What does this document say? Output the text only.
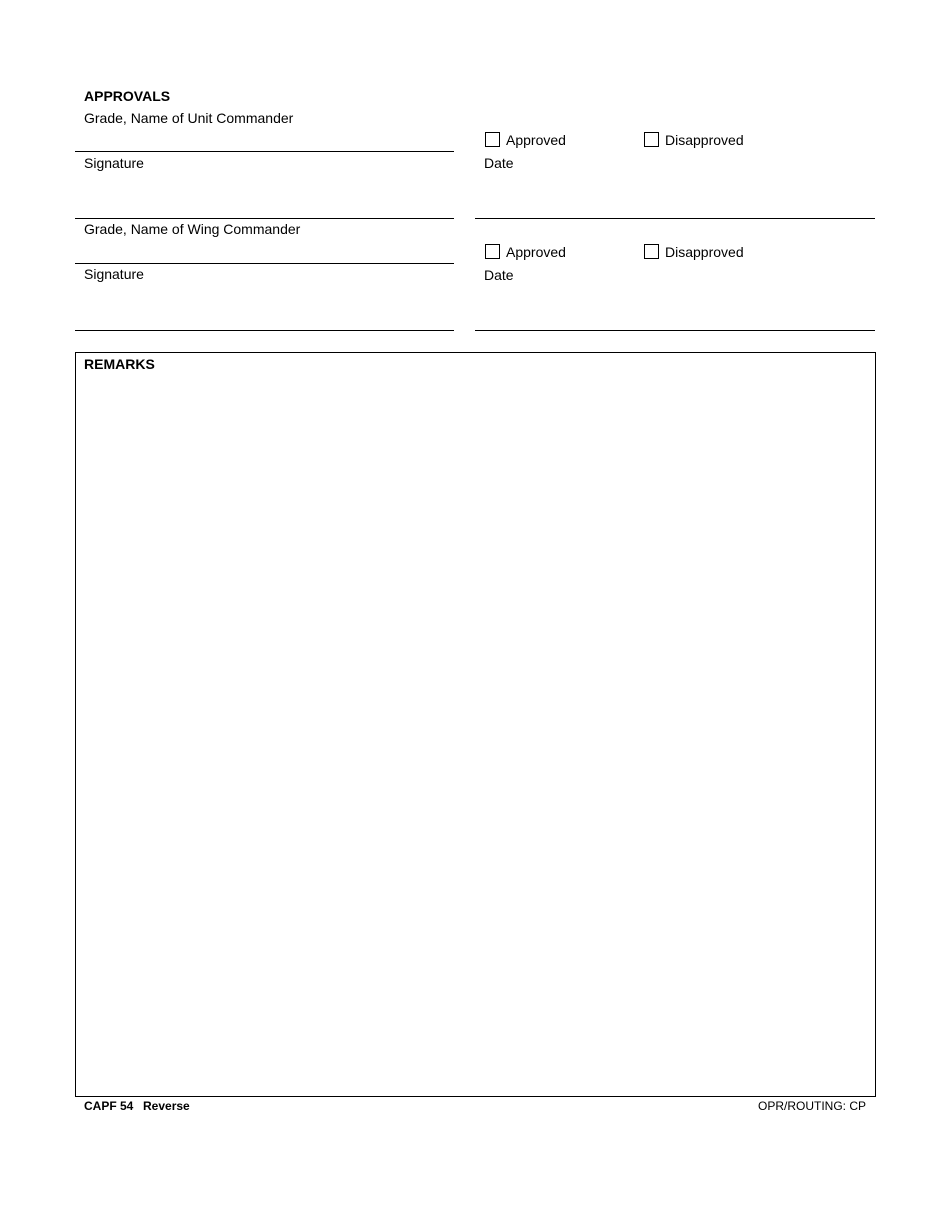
APPROVALS
Grade, Name of Unit Commander
Approved	Disapproved
Signature	Date
Grade, Name of Wing Commander
Approved	Disapproved
Signature	Date
REMARKS
CAPF 54 Reverse	OPR/ROUTING: CP
